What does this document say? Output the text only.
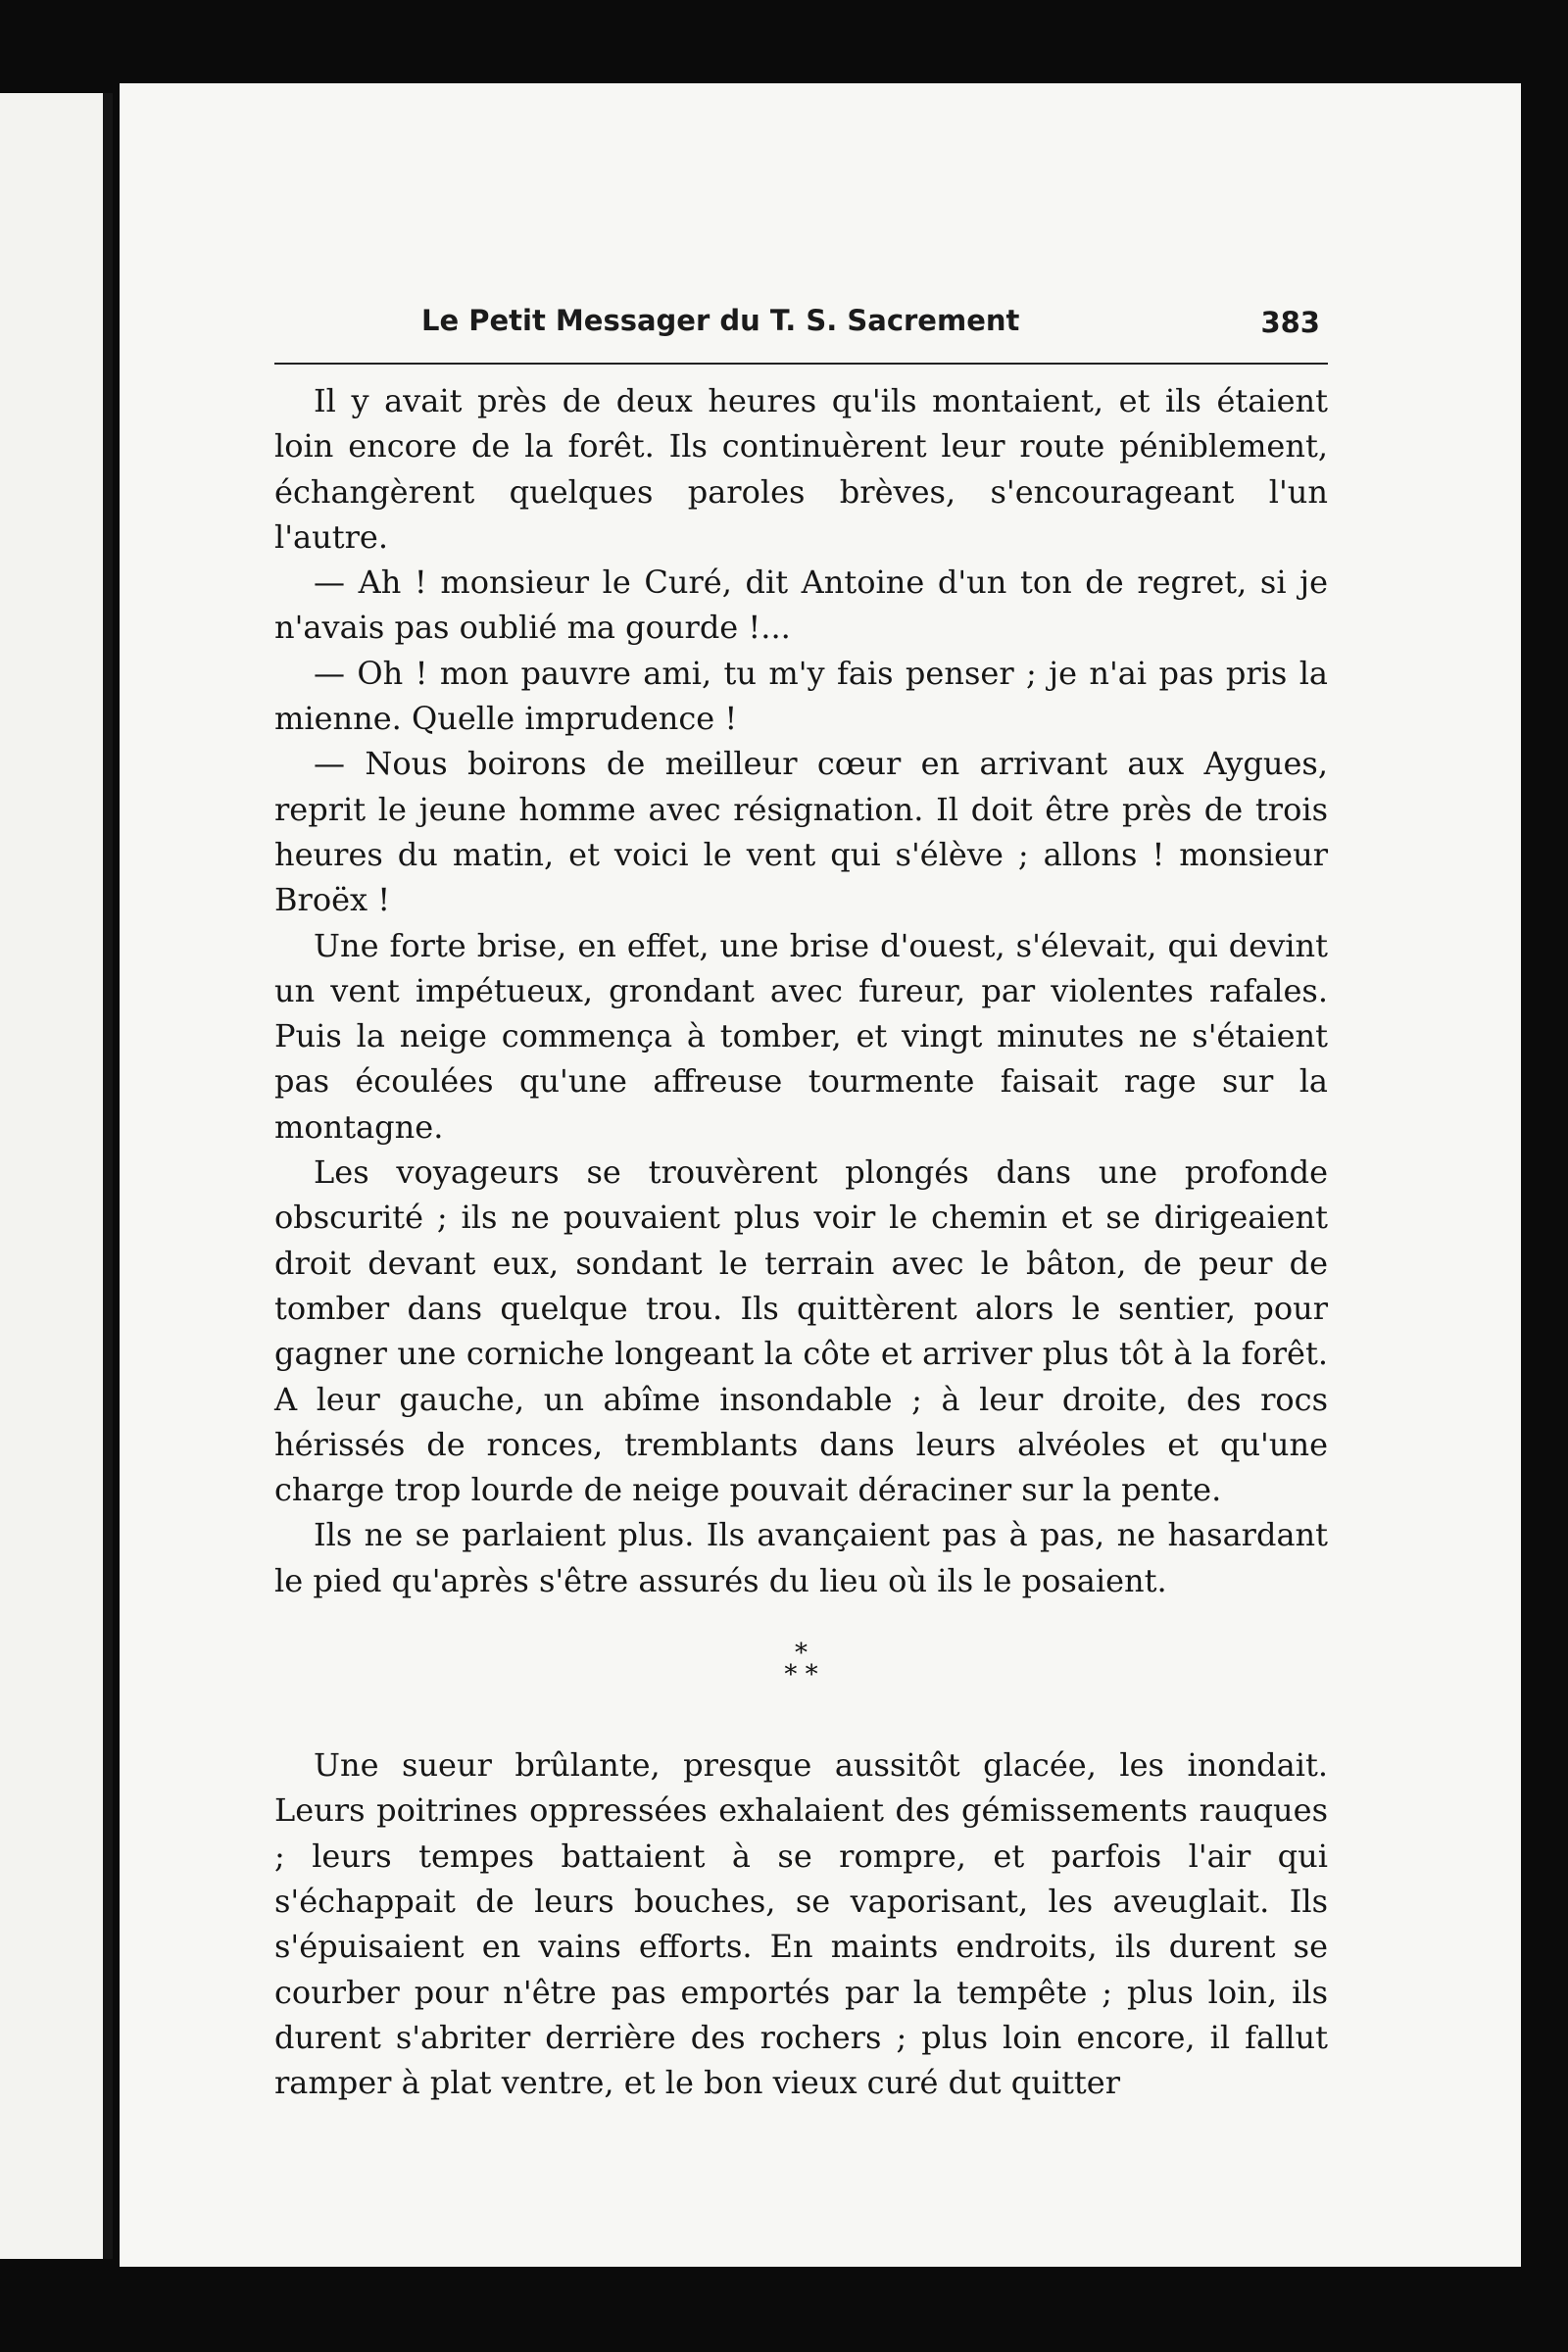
Le Petit Messager du T. S. Sacrement	383

Il y avait près de deux heures qu'ils montaient, et ils étaient loin encore de la forêt. Ils continuèrent leur route péniblement, échangèrent quelques paroles brèves, s'encourageant l'un l'autre.

— Ah ! monsieur le Curé, dit Antoine d'un ton de regret, si je n'avais pas oublié ma gourde !...

— Oh ! mon pauvre ami, tu m'y fais penser ; je n'ai pas pris la mienne. Quelle imprudence !

— Nous boirons de meilleur cœur en arrivant aux Aygues, reprit le jeune homme avec résignation. Il doit être près de trois heures du matin, et voici le vent qui s'élève ; allons ! monsieur Broëx !

Une forte brise, en effet, une brise d'ouest, s'élevait, qui devint un vent impétueux, grondant avec fureur, par violentes rafales. Puis la neige commença à tomber, et vingt minutes ne s'étaient pas écoulées qu'une affreuse tourmente faisait rage sur la montagne.

Les voyageurs se trouvèrent plongés dans une profonde obscurité ; ils ne pouvaient plus voir le chemin et se dirigeaient droit devant eux, sondant le terrain avec le bâton, de peur de tomber dans quelque trou. Ils quittèrent alors le sentier, pour gagner une corniche longeant la côte et arriver plus tôt à la forêt. A leur gauche, un abîme insondable ; à leur droite, des rocs hérissés de ronces, tremblants dans leurs alvéoles et qu'une charge trop lourde de neige pouvait déraciner sur la pente.

Ils ne se parlaient plus. Ils avançaient pas à pas, ne hasardant le pied qu'après s'être assurés du lieu où ils le posaient.

*
* *

Une sueur brûlante, presque aussitôt glacée, les inondait. Leurs poitrines oppressées exhalaient des gémissements rauques ; leurs tempes battaient à se rompre, et parfois l'air qui s'échappait de leurs bouches, se vaporisant, les aveuglait. Ils s'épuisaient en vains efforts. En maints endroits, ils durent se courber pour n'être pas emportés par la tempête ; plus loin, ils durent s'abriter derrière des rochers ; plus loin encore, il fallut ramper à plat ventre, et le bon vieux curé dut quitter
